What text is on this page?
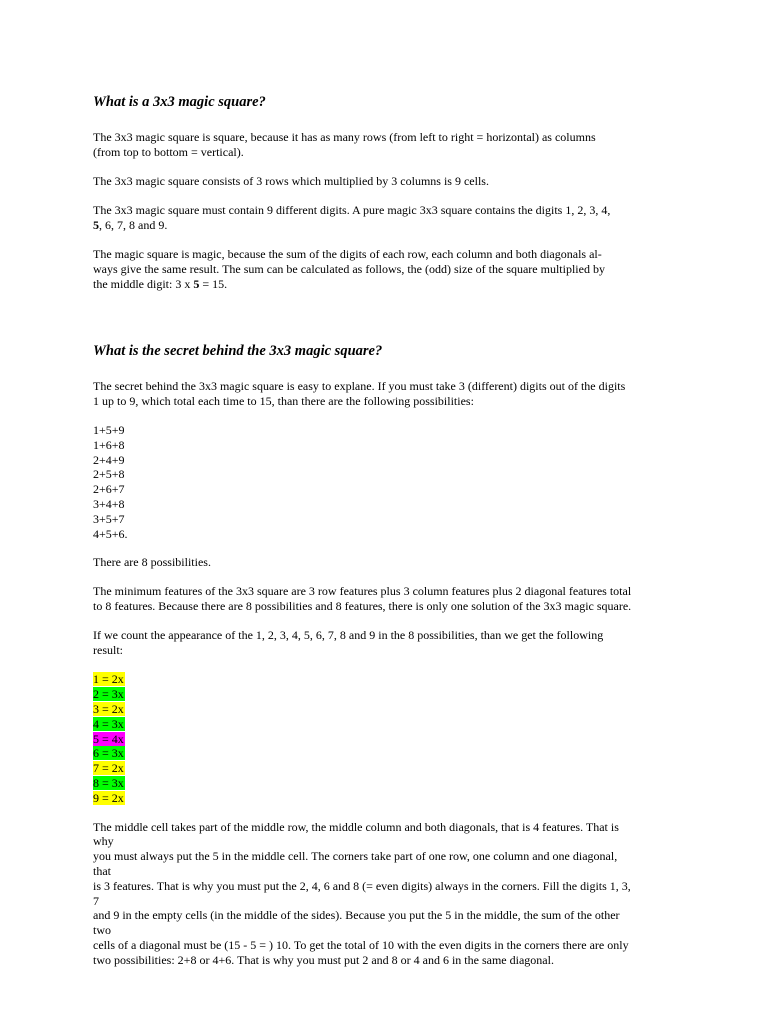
What is a 3x3 magic square?

The 3x3 magic square is square, because it has as many rows (from left to right = horizontal) as columns
(from top to bottom = vertical).

The 3x3 magic square consists of 3 rows which multiplied by 3 columns is 9 cells.

The 3x3 magic square must contain 9 different digits. A pure magic 3x3 square contains the digits 1, 2, 3, 4,
5, 6, 7, 8 and 9.

The magic square is magic, because the sum of the digits of each row, each column and both diagonals al-
ways give the same result. The sum can be calculated as follows, the (odd) size of the square multiplied by
the middle digit: 3 x 5 = 15.

What is the secret behind the 3x3 magic square?

The secret behind the 3x3 magic square is easy to explane. If you must take 3 (different) digits out of the digits
1 up to 9, which total each time to 15, than there are the following possibilities:

1+5+9
1+6+8
2+4+9
2+5+8
2+6+7
3+4+8
3+5+7
4+5+6.

There are 8 possibilities.

The minimum features of the 3x3 square are 3 row features plus 3 column features plus 2 diagonal features total
to 8 features. Because there are 8 possibilities and 8 features, there is only one solution of the 3x3 magic square.

If we count the appearance of the 1, 2, 3, 4, 5, 6, 7, 8 and 9 in the 8 possibilities, than we get the following
result:

1 = 2x
2 = 3x
3 = 2x
4 = 3x
5 = 4x
6 = 3x
7 = 2x
8 = 3x
9 = 2x
The middle cell takes part of the middle row, the middle column and both diagonals, that is 4 features. That is
why
you must always put the 5 in the middle cell. The corners take part of one row, one column and one diagonal,
that
is 3 features. That is why you must put the 2, 4, 6 and 8 (= even digits) always in the corners. Fill the digits 1, 3,
7
and 9 in the empty cells (in the middle of the sides). Because you put the 5 in the middle, the sum of the other
two
cells of a diagonal must be (15 - 5 = ) 10. To get the total of 10 with the even digits in the corners there are only
two possibilities: 2+8 or 4+6. That is why you must put 2 and 8 or 4 and 6 in the same diagonal.
